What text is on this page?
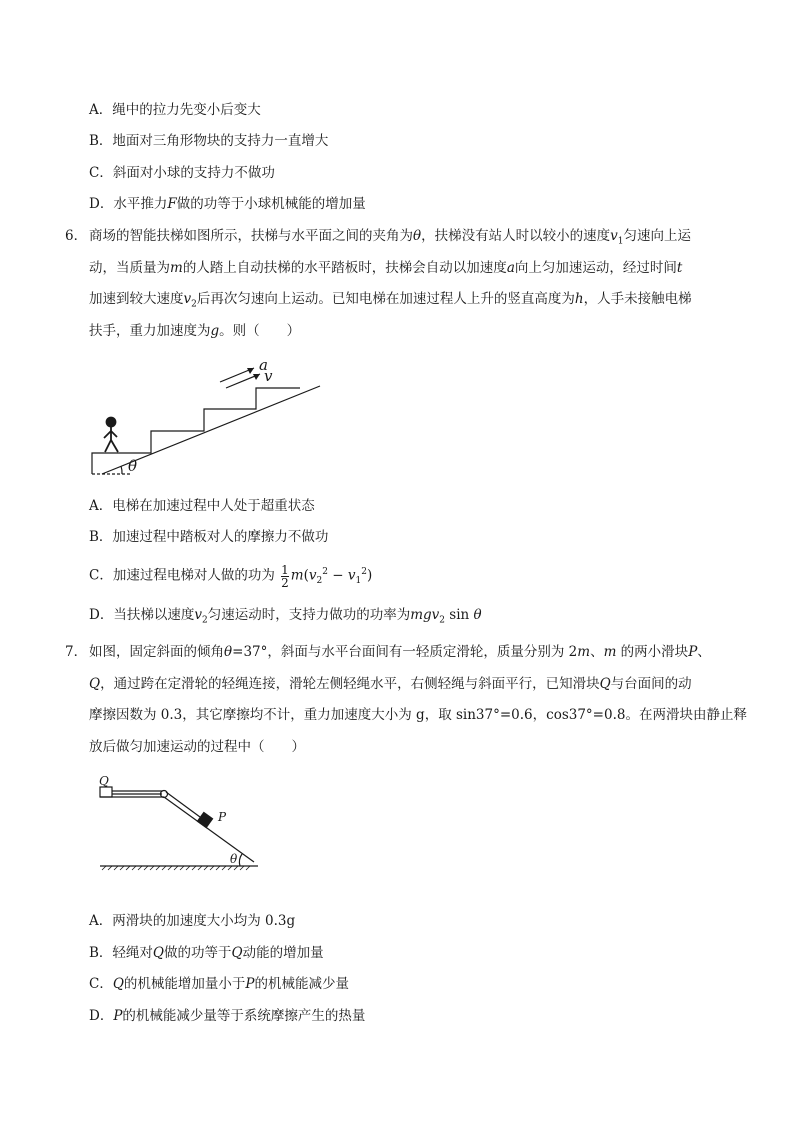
A．绳中的拉力先变小后变大
B．地面对三角形物块的支持力一直增大
C．斜面对小球的支持力不做功
D．水平推力F做的功等于小球机械能的增加量
6． 商场的智能扶梯如图所示，扶梯与水平面之间的夹角为θ，扶梯没有站人时以较小的速度$v_1$匀速向上运
动，当质量为m的人踏上自动扶梯的水平踏板时，扶梯会自动以加速度a向上匀加速运动，经过时间t
加速到较大速度$v_2$后再次匀速向上运动。已知电梯在加速过程人上升的竖直高度为h，人手未接触电梯
扶手，重力加速度为g。则（　　）
a
v
θ
A．电梯在加速过程中人处于超重状态
B．加速过程中踏板对人的摩擦力不做功
C．加速过程电梯对人做的功为 $\frac{1}{2} m(v_2^2 - v_1^2)$
D．当扶梯以速度$v_2$匀速运动时，支持力做功的功率为mgv$_2$ sin θ
7． 如图，固定斜面的倾角θ=37°，斜面与水平台面间有一轻质定滑轮，质量分别为 2m、m 的两小滑块P、
Q，通过跨在定滑轮的轻绳连接，滑轮左侧轻绳水平，右侧轻绳与斜面平行，已知滑块Q与台面间的动
摩擦因数为 0.3，其它摩擦均不计，重力加速度大小为 g，取 sin37°=0.6，cos37°=0.8。在两滑块由静止释
放后做匀加速运动的过程中（　　）
Q
P
θ
A．两滑块的加速度大小均为 0.3g
B．轻绳对Q做的功等于Q动能的增加量
C．Q的机械能增加量小于P的机械能减少量
D．P的机械能减少量等于系统摩擦产生的热量
